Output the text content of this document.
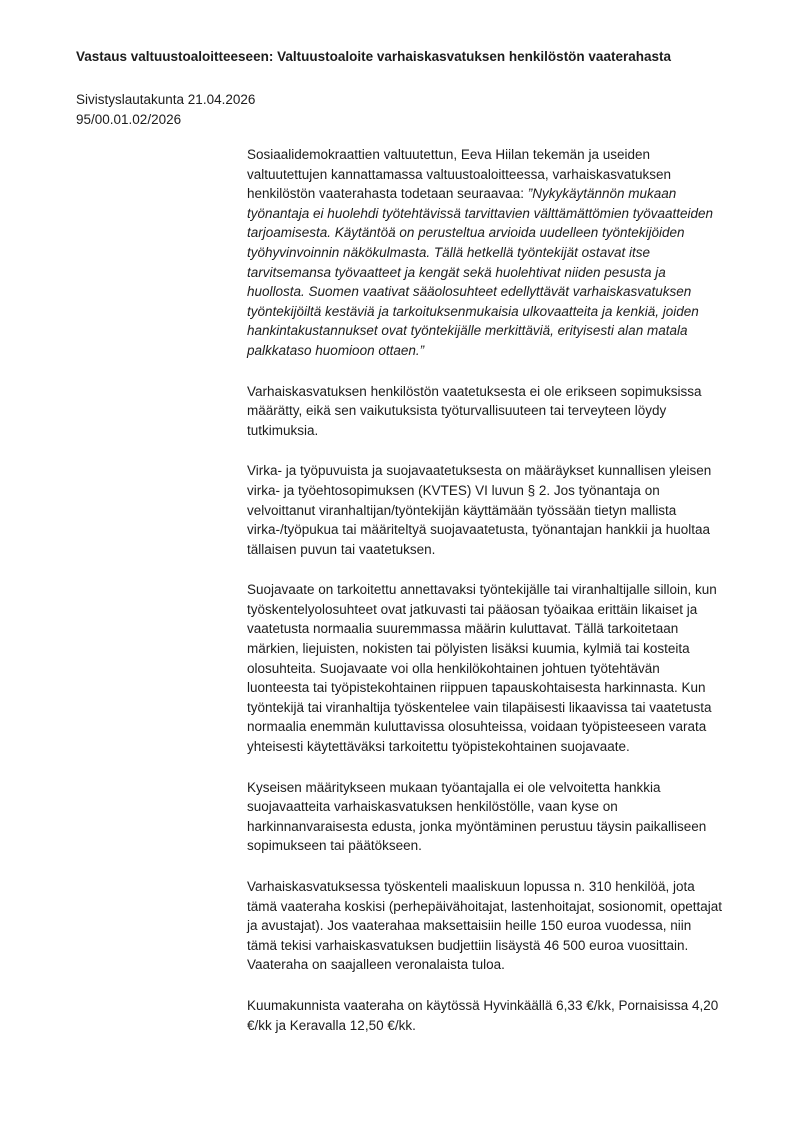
Vastaus valtuustoaloitteeseen: Valtuustoaloite varhaiskasvatuksen henkilöstön vaaterahasta

Sivistyslautakunta 21.04.2026

95/00.01.02/2026

Sosiaalidemokraattien valtuutettun, Eeva Hiilan tekemän ja useiden valtuutettujen kannattamassa valtuustoaloitteessa, varhaiskasvatuksen henkilöstön vaaterahasta todetaan seuraavaa: ”Nykykäytännön mukaan työnantaja ei huolehdi työtehtävissä tarvittavien välttämättömien työvaatteiden tarjoamisesta. Käytäntöä on perusteltua arvioida uudelleen työntekijöiden työhyvinvoinnin näkökulmasta. Tällä hetkellä työntekijät ostavat itse tarvitsemansa työvaatteet ja kengät sekä huolehtivat niiden pesusta ja huollosta. Suomen vaativat sääolosuhteet edellyttävät varhaiskasvatuksen työntekijöiltä kestäviä ja tarkoituksenmukaisia ulkovaatteita ja kenkiä, joiden hankintakustannukset ovat työntekijälle merkittäviä, erityisesti alan matala palkkataso huomioon ottaen.”

Varhaiskasvatuksen henkilöstön vaatetuksesta ei ole erikseen sopimuksissa määrätty, eikä sen vaikutuksista työturvallisuuteen tai terveyteen löydy tutkimuksia.

Virka- ja työpuvuista ja suojavaatetuksesta on määräykset kunnallisen yleisen virka- ja työehtosopimuksen (KVTES) VI luvun § 2. Jos työnantaja on velvoittanut viranhaltijan/työntekijän käyttämään työssään tietyn mallista virka-/työpukua tai määriteltyä suojavaatetusta, työnantajan hankkii ja huoltaa tällaisen puvun tai vaatetuksen.

Suojavaate on tarkoitettu annettavaksi työntekijälle tai viranhaltijalle silloin, kun työskentelyolosuhteet ovat jatkuvasti tai pääosan työaikaa erittäin likaiset ja vaatetusta normaalia suuremmassa määrin kuluttavat. Tällä tarkoitetaan märkien, liejuisten, nokisten tai pölyisten lisäksi kuumia, kylmiä tai kosteita olosuhteita. Suojavaate voi olla henkilökohtainen johtuen työtehtävän luonteesta tai työpistekohtainen riippuen tapauskohtaisesta harkinnasta. Kun työntekijä tai viranhaltija työskentelee vain tilapäisesti likaavissa tai vaatetusta normaalia enemmän kuluttavissa olosuhteissa, voidaan työpisteeseen varata yhteisesti käytettäväksi tarkoitettu työpistekohtainen suojavaate.

Kyseisen määritykseen mukaan työantajalla ei ole velvoitetta hankkia suojavaatteita varhaiskasvatuksen henkilöstölle, vaan kyse on harkinnanvaraisesta edusta, jonka myöntäminen perustuu täysin paikalliseen sopimukseen tai päätökseen.

Varhaiskasvatuksessa työskenteli maaliskuun lopussa n. 310 henkilöä, jota tämä vaateraha koskisi (perhepäivähoitajat, lastenhoitajat, sosionomit, opettajat ja avustajat). Jos vaaterahaa maksettaisiin heille 150 euroa vuodessa, niin tämä tekisi varhaiskasvatuksen budjettiin lisäystä 46 500 euroa vuosittain. Vaateraha on saajalleen veronalaista tuloa.

Kuumakunnista vaateraha on käytössä Hyvinkäällä 6,33 €/kk, Pornaisissa 4,20 €/kk ja Keravalla 12,50 €/kk.
